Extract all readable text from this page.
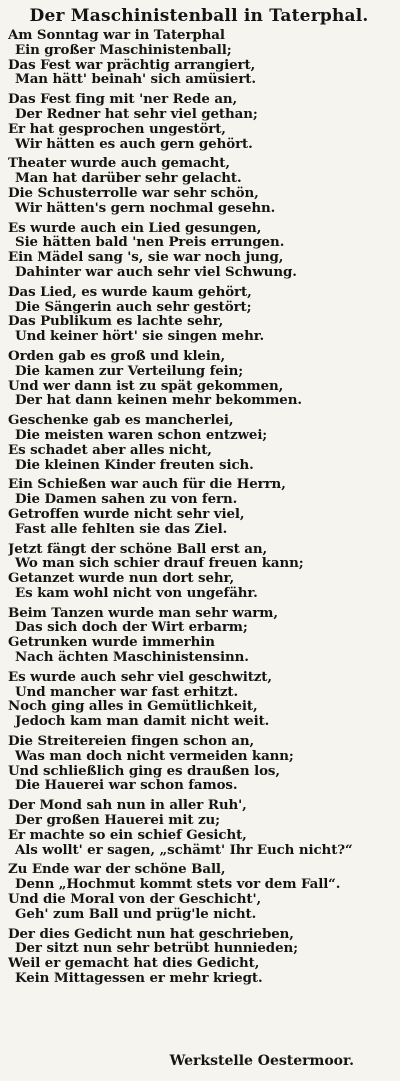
Der Maschinistenball in Taterphal.
Am Sonntag war in Taterphal
Ein großer Maschinistenball;
Das Fest war prächtig arrangiert,
Man hätt' beinah' sich amüsiert.
Das Fest fing mit 'ner Rede an,
Der Redner hat sehr viel gethan;
Er hat gesprochen ungestört,
Wir hätten es auch gern gehört.
Theater wurde auch gemacht,
Man hat darüber sehr gelacht.
Die Schusterrolle war sehr schön,
Wir hätten's gern nochmal gesehn.
Es wurde auch ein Lied gesungen,
Sie hätten bald 'nen Preis errungen.
Ein Mädel sang 's, sie war noch jung,
Dahinter war auch sehr viel Schwung.
Das Lied, es wurde kaum gehört,
Die Sängerin auch sehr gestört;
Das Publikum es lachte sehr,
Und keiner hört' sie singen mehr.
Orden gab es groß und klein,
Die kamen zur Verteilung fein;
Und wer dann ist zu spät gekommen,
Der hat dann keinen mehr bekommen.
Geschenke gab es mancherlei,
Die meisten waren schon entzwei;
Es schadet aber alles nicht,
Die kleinen Kinder freuten sich.
Ein Schießen war auch für die Herrn,
Die Damen sahen zu von fern.
Getroffen wurde nicht sehr viel,
Fast alle fehlten sie das Ziel.
Jetzt fängt der schöne Ball erst an,
Wo man sich schier drauf freuen kann;
Getanzet wurde nun dort sehr,
Es kam wohl nicht von ungefähr.
Beim Tanzen wurde man sehr warm,
Das sich doch der Wirt erbarm;
Getrunken wurde immerhin
Nach ächten Maschinistensinn.
Es wurde auch sehr viel geschwitzt,
Und mancher war fast erhitzt.
Noch ging alles in Gemütlichkeit,
Jedoch kam man damit nicht weit.
Die Streitereien fingen schon an,
Was man doch nicht vermeiden kann;
Und schließlich ging es draußen los,
Die Hauerei war schon famos.
Der Mond sah nun in aller Ruh',
Der großen Hauerei mit zu;
Er machte so ein schief Gesicht,
Als wollt' er sagen, „schämt' Ihr Euch nicht?“
Zu Ende war der schöne Ball,
Denn „Hochmut kommt stets vor dem Fall“.
Und die Moral von der Geschicht',
Geh' zum Ball und prüg'le nicht.
Der dies Gedicht nun hat geschrieben,
Der sitzt nun sehr betrübt hunnieden;
Weil er gemacht hat dies Gedicht,
Kein Mittagessen er mehr kriegt.
Werkstelle Oestermoor.
